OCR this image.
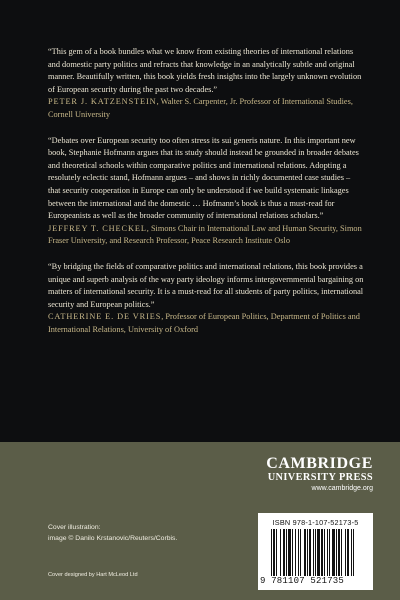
“This gem of a book bundles what we know from existing theories of international relations and domestic party politics and refracts that knowledge in an analytically subtle and original manner. Beautifully written, this book yields fresh insights into the largely unknown evolution of European security during the past two decades.”

PETER J. KATZENSTEIN, Walter S. Carpenter, Jr. Professor of International Studies, Cornell University

“Debates over European security too often stress its sui generis nature. In this important new book, Stephanie Hofmann argues that its study should instead be grounded in broader debates and theoretical schools within comparative politics and international relations. Adopting a resolutely eclectic stand, Hofmann argues – and shows in richly documented case studies – that security cooperation in Europe can only be understood if we build systematic linkages between the international and the domestic … Hofmann’s book is thus a must-read for Europeanists as well as the broader community of international relations scholars.”

JEFFREY T. CHECKEL, Simons Chair in International Law and Human Security, Simon Fraser University, and Research Professor, Peace Research Institute Oslo

“By bridging the fields of comparative politics and international relations, this book provides a unique and superb analysis of the way party ideology informs intergovernmental bargaining on matters of international security. It is a must-read for all students of party politics, international security and European politics.”

CATHERINE E. DE VRIES, Professor of European Politics, Department of Politics and International Relations, University of Oxford

CAMBRIDGE
UNIVERSITY PRESS
www.cambridge.org
Cover illustration:
image © Danilo Krstanovic/Reuters/Corbis.
Cover designed by Hart McLeod Ltd
ISBN 978-1-107-52173-5
9 781107 521735
